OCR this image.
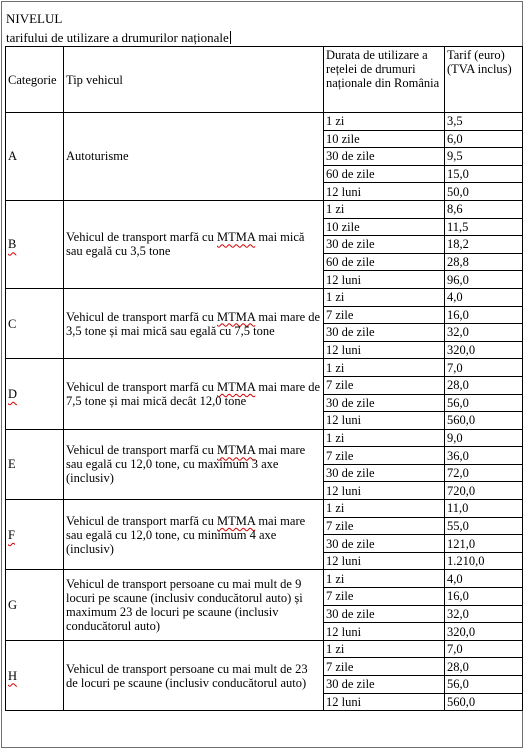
NIVELUL
tarifului de utilizare a drumurilor naționale
Categorie	Tip vehicul	Durata de utilizare a rețelei de drumuri naționale din România	Tarif (euro) (TVA inclus)
A	Autoturisme	1 zi	3,5
		10 zile	6,0
		30 de zile	9,5
		60 de zile	15,0
		12 luni	50,0
B	Vehicul de transport marfă cu MTMA mai mică sau egală cu 3,5 tone	1 zi	8,6
		10 zile	11,5
		30 de zile	18,2
		60 de zile	28,8
		12 luni	96,0
C	Vehicul de transport marfă cu MTMA mai mare de 3,5 tone și mai mică sau egală cu 7,5 tone	1 zi	4,0
		7 zile	16,0
		30 de zile	32,0
		12 luni	320,0
D	Vehicul de transport marfă cu MTMA mai mare de 7,5 tone și mai mică decât 12,0 tone	1 zi	7,0
		7 zile	28,0
		30 de zile	56,0
		12 luni	560,0
E	Vehicul de transport marfă cu MTMA mai mare sau egală cu 12,0 tone, cu maximum 3 axe (inclusiv)	1 zi	9,0
		7 zile	36,0
		30 de zile	72,0
		12 luni	720,0
F	Vehicul de transport marfă cu MTMA mai mare sau egală cu 12,0 tone, cu minimum 4 axe (inclusiv)	1 zi	11,0
		7 zile	55,0
		30 de zile	121,0
		12 luni	1.210,0
G	Vehicul de transport persoane cu mai mult de 9 locuri pe scaune (inclusiv conducătorul auto) și maximum 23 de locuri pe scaune (inclusiv conducătorul auto)	1 zi	4,0
		7 zile	16,0
		30 de zile	32,0
		12 luni	320,0
H	Vehicul de transport persoane cu mai mult de 23 de locuri pe scaune (inclusiv conducătorul auto)	1 zi	7,0
		7 zile	28,0
		30 de zile	56,0
		12 luni	560,0
